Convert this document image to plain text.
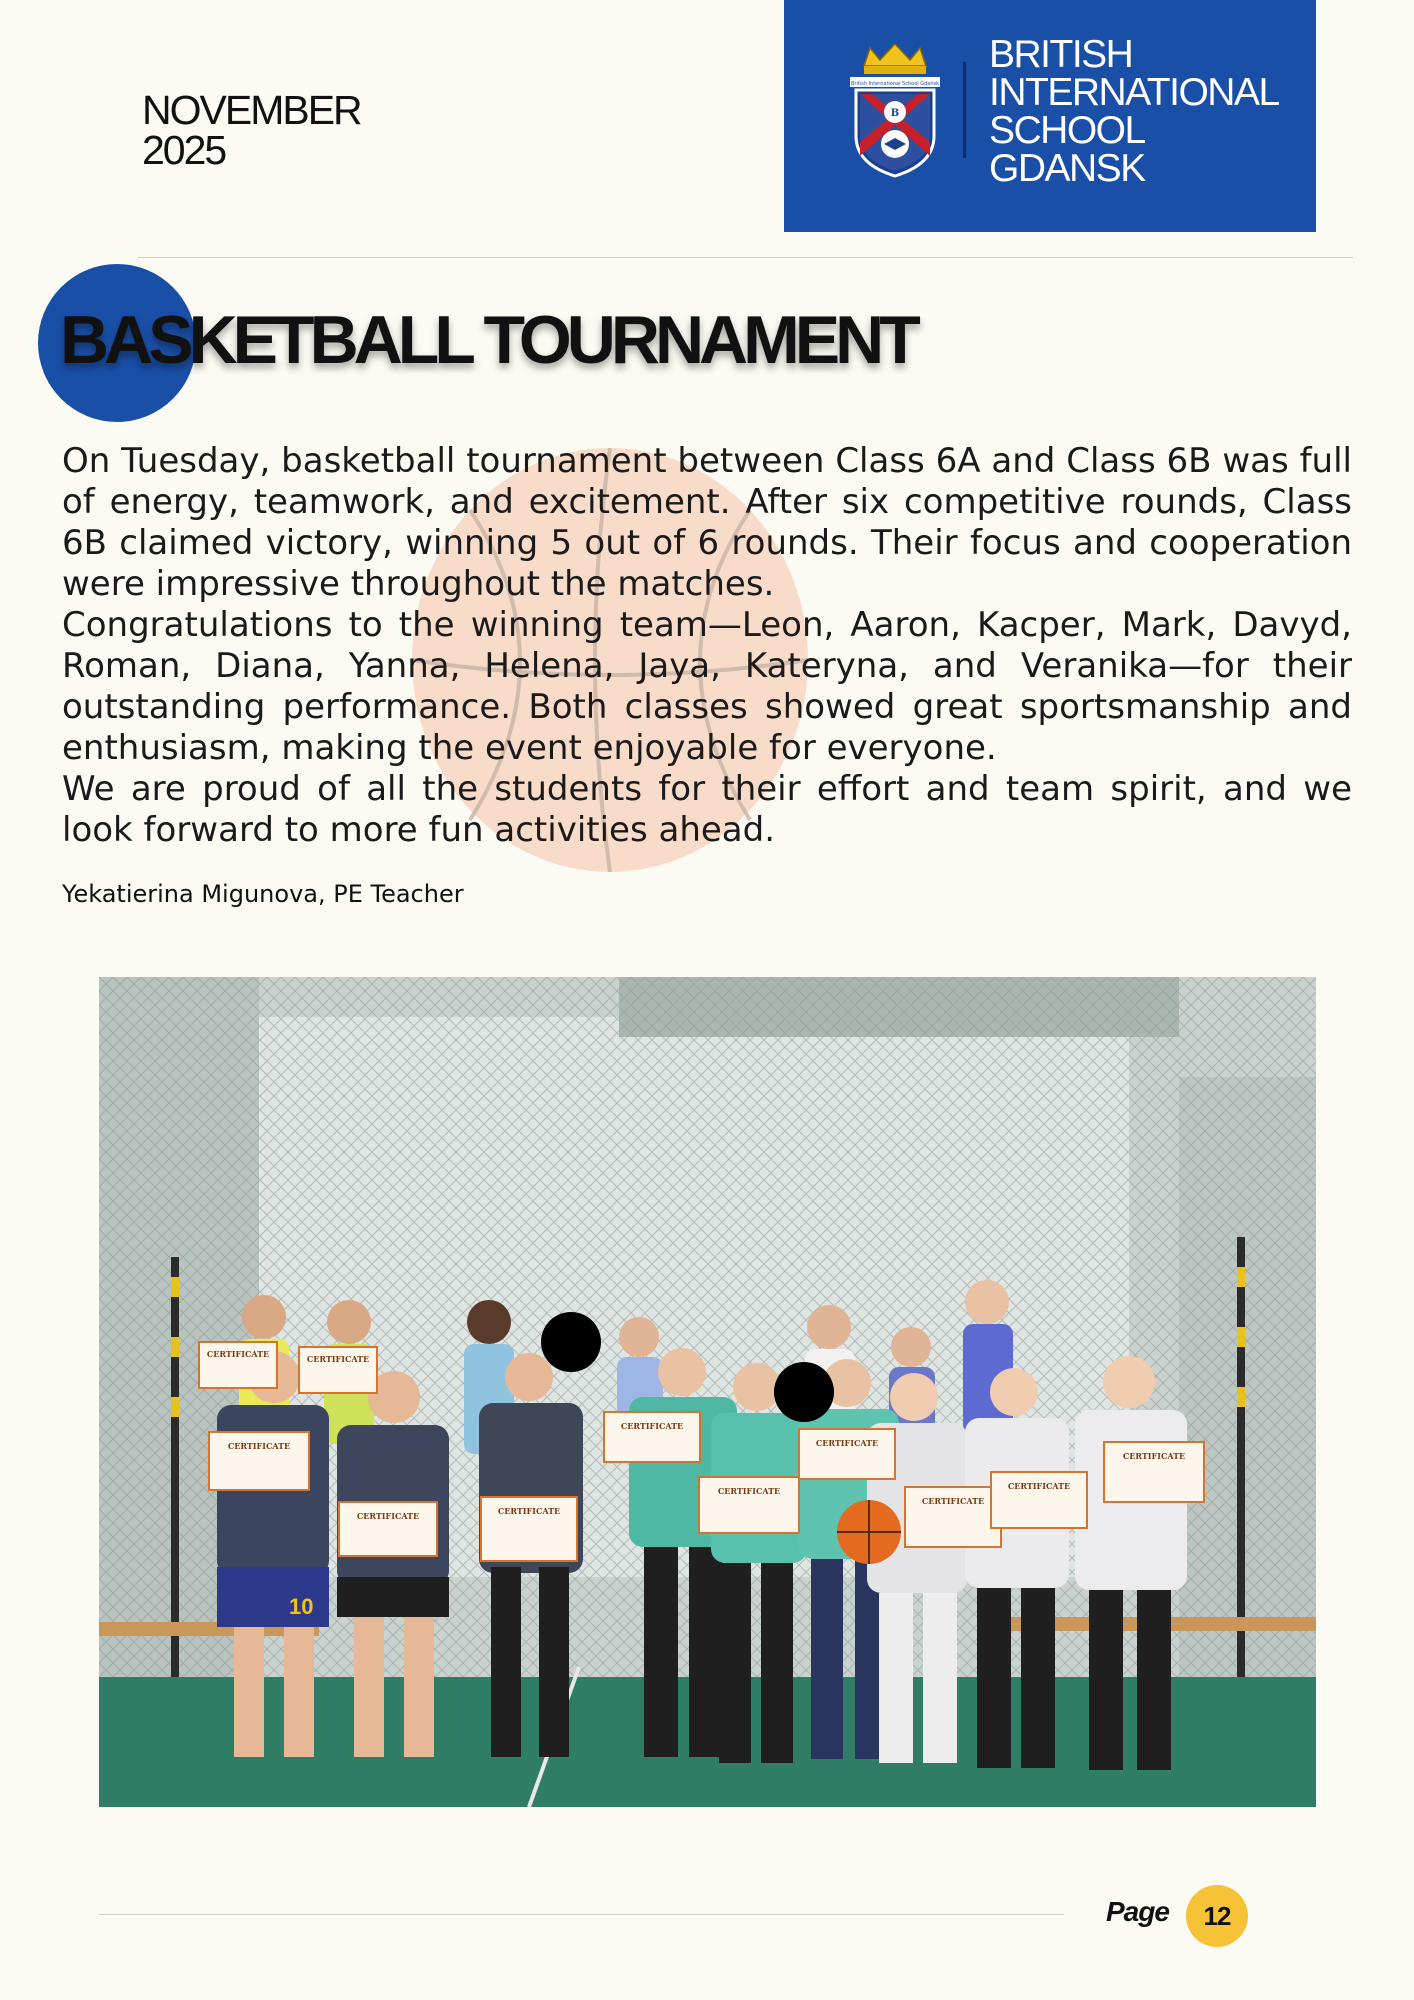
NOVEMBER
2025
British International School Gdańsk
B
BRITISH
INTERNATIONAL
SCHOOL
GDANSK
BASKETBALL TOURNAMENT

On Tuesday, basketball tournament between Class 6A and Class 6B was full of energy, teamwork, and excitement. After six competitive rounds, Class 6B claimed victory, winning 5 out of 6 rounds. Their focus and cooperation were impressive throughout the matches.

Congratulations to the winning team—Leon, Aaron, Kacper, Mark, Davyd, Roman, Diana, Yanna, Helena, Jaya, Kateryna, and Veranika—for their outstanding performance. Both classes showed great sportsmanship and enthusiasm, making the event enjoyable for everyone.

We are proud of all the students for their effort and team spirit, and we look forward to more fun activities ahead.

Yekatierina Migunova, PE Teacher
CERTIFICATE	CERTIFICATE
CERTIFICATE
CERTIFICATE	CERTIFICATE
CERTIFICATE
CERTIFICATE
CERTIFICATE
CERTIFICATE
CERTIFICATE
CERTIFICATE
10
Page	12
